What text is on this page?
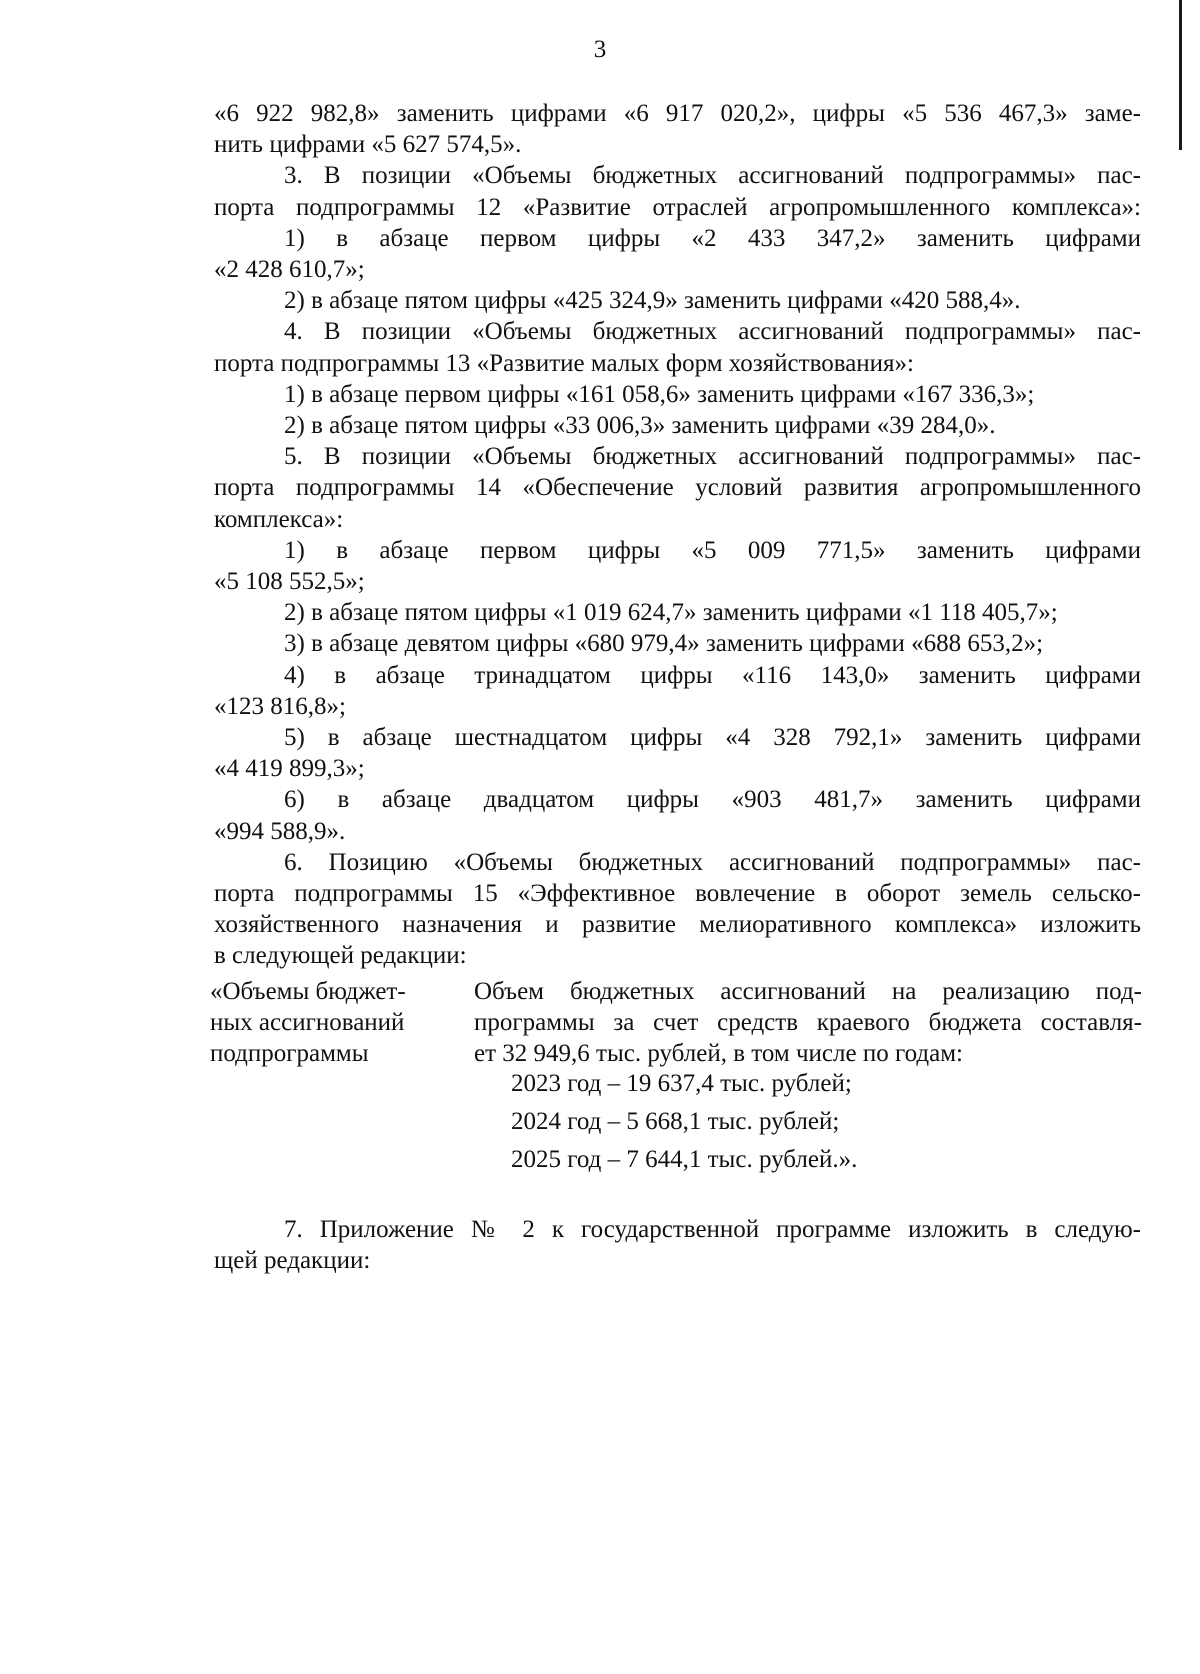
3

«6 922 982,8» заменить цифрами «6 917 020,2», цифры «5 536 467,3» заме-

нить цифрами «5 627 574,5».

3. В позиции «Объемы бюджетных ассигнований подпрограммы» пас-

порта подпрограммы 12 «Развитие отраслей агропромышленного комплекса»:

1) в абзаце первом цифры «2 433 347,2» заменить цифрами

«2 428 610,7»;

2) в абзаце пятом цифры «425 324,9» заменить цифрами «420 588,4».

4. В позиции «Объемы бюджетных ассигнований подпрограммы» пас-

порта подпрограммы 13 «Развитие малых форм хозяйствования»:

1) в абзаце первом цифры «161 058,6» заменить цифрами «167 336,3»;

2) в абзаце пятом цифры «33 006,3» заменить цифрами «39 284,0».

5. В позиции «Объемы бюджетных ассигнований подпрограммы» пас-

порта подпрограммы 14 «Обеспечение условий развития агропромышленного

комплекса»:

1) в абзаце первом цифры «5 009 771,5» заменить цифрами

«5 108 552,5»;

2) в абзаце пятом цифры «1 019 624,7» заменить цифрами «1 118 405,7»;

3) в абзаце девятом цифры «680 979,4» заменить цифрами «688 653,2»;

4) в абзаце тринадцатом цифры «116 143,0» заменить цифрами

«123 816,8»;

5) в абзаце шестнадцатом цифры «4 328 792,1» заменить цифрами

«4 419 899,3»;

6) в абзаце двадцатом цифры «903 481,7» заменить цифрами

«994 588,9».

6. Позицию «Объемы бюджетных ассигнований подпрограммы» пас-

порта подпрограммы 15 «Эффективное вовлечение в оборот земель сельско-

хозяйственного назначения и развитие мелиоративного комплекса» изложить

в следующей редакции:

«Объемы бюджет-
ных ассигнований
подпрограммы
Объем бюджетных ассигнований на реализацию под-
программы за счет средств краевого бюджета составля-
ет 32 949,6 тыс. рублей, в том числе по годам:
2023 год – 19 637,4 тыс. рублей;
2024 год – 5 668,1 тыс. рублей;
2025 год – 7 644,1 тыс. рублей.».

7. Приложение № 2 к государственной программе изложить в следую-

щей редакции:
